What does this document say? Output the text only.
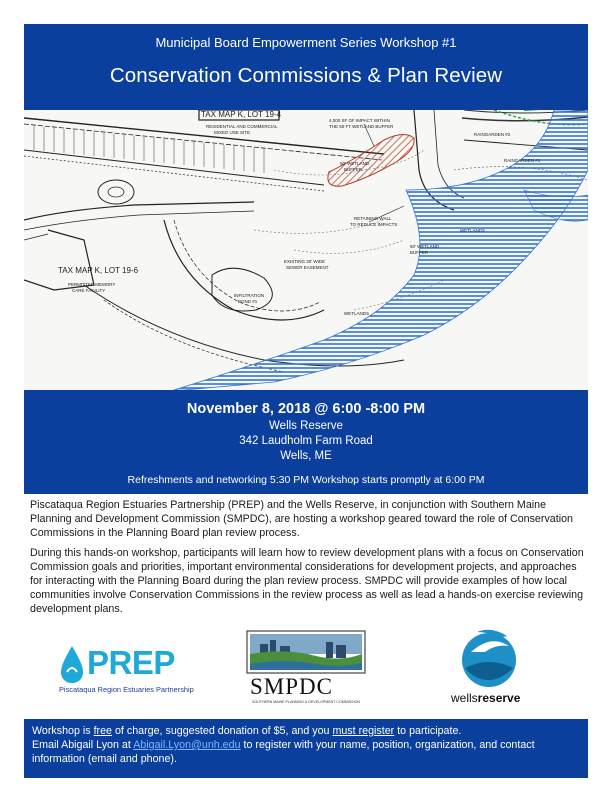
Municipal Board Empowerment Series Workshop #1
Conservation Commissions & Plan Review
TAX MAP K, LOT 19-4
RESIDENTIAL AND COMMERCIAL
MIXED USE SITE
4,000 SF OF IMPACT WITHIN
THE 50 FT WETLAND BUFFER
RAINGARDEN #2
RAINGARDEN #1
50' WETLAND
BUFFER
RETAINING WALL
TO REDUCE IMPACTS
50' WETLAND
BUFFER
EXISTING 30' WIDE
SEWER EASEMENT
TAX MAP K, LOT 19-6
PERMITTED MEMORY
CARE FACILITY
INFILTRATION
POND #1
WETLANDS
WETLANDS
November 8, 2018 @ 6:00 -8:00 PM
Wells Reserve
342 Laudholm Farm Road
Wells, ME
Refreshments and networking 5:30 PM Workshop starts promptly at 6:00 PM

Piscataqua Region Estuaries Partnership (PREP) and the Wells Reserve, in conjunction with Southern Maine Planning and Development Commission (SMPDC), are hosting a workshop geared toward the role of Conservation Commissions in the Planning Board plan review process.

During this hands-on workshop, participants will learn how to review development plans with a focus on Conservation Commission goals and priorities, important environmental considerations for development projects, and approaches for interacting with the Planning Board during the plan review process. SMPDC will provide examples of how local communities involve Conservation Commissions in the review process as well as lead a hands-on exercise reviewing development plans.

PREP
Piscataqua Region Estuaries Partnership	SMPDC
SOUTHERN MAINE PLANNING & DEVELOPMENT COMMISSION	wellsreserve
Workshop is free of charge, suggested donation of $5, and you must register to participate.
Email Abigail Lyon at Abigail.Lyon@unh.edu to register with your name, position, organization, and contact information (email and phone).
